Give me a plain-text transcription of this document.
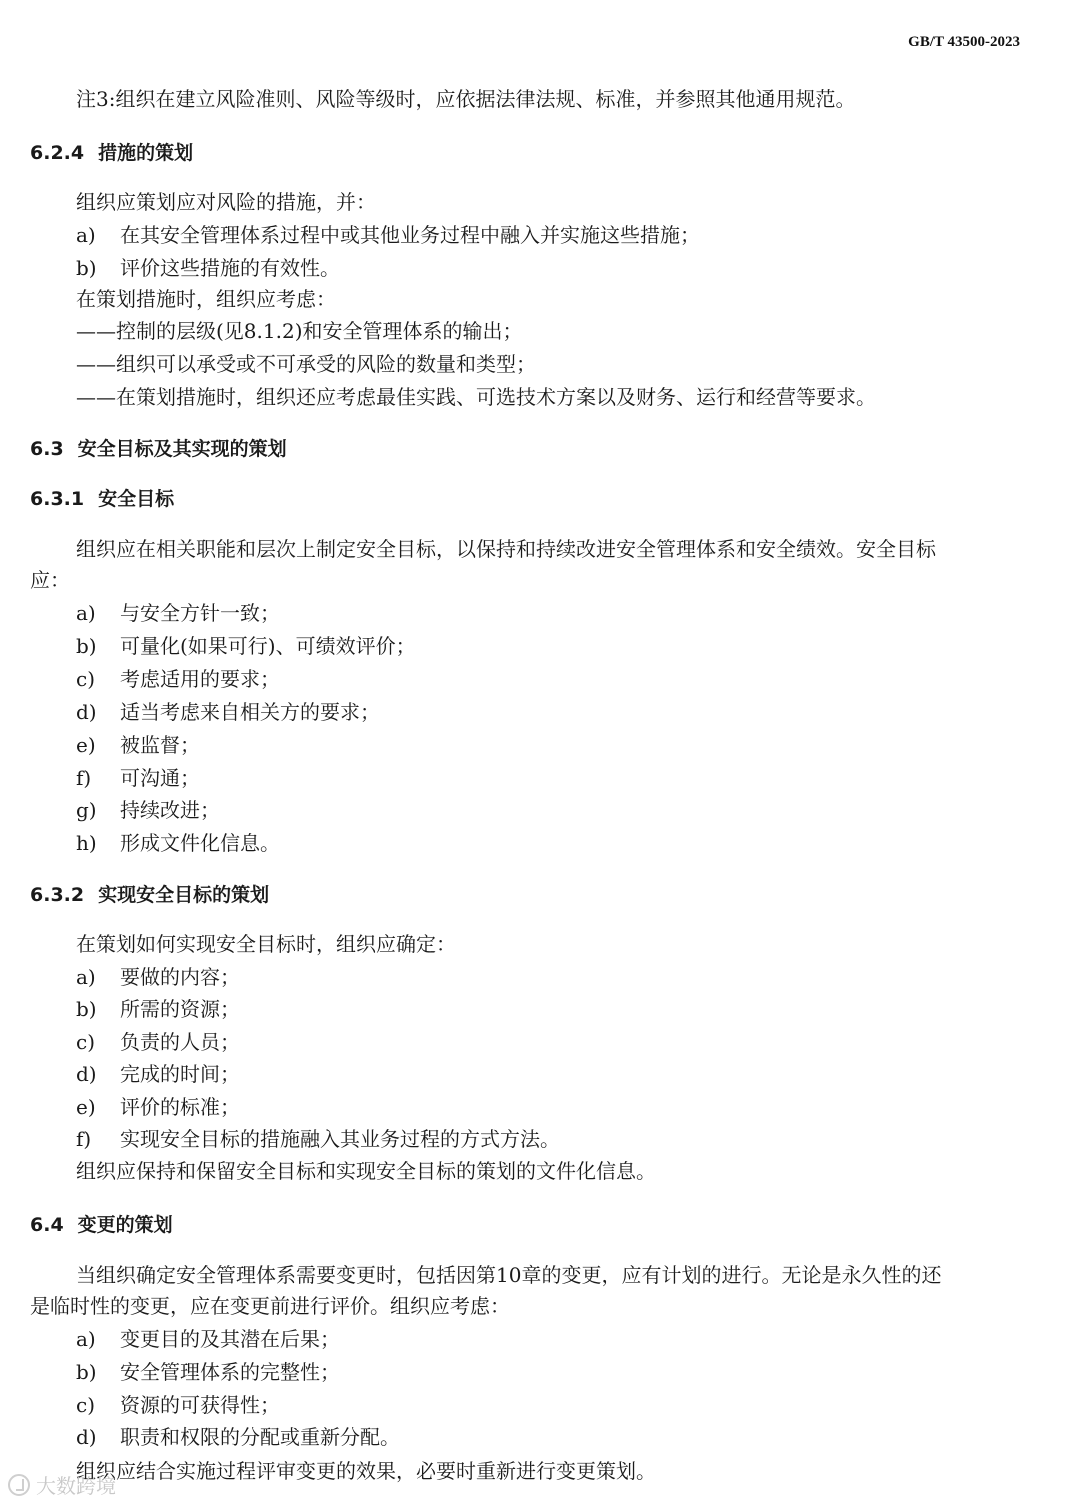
GB/T 43500-2023
注3:组织在建立风险准则、风险等级时，应依据法律法规、标准，并参照其他通用规范。
6.2.4 措施的策划
组织应策划应对风险的措施，并：
a) 在其安全管理体系过程中或其他业务过程中融入并实施这些措施；
b) 评价这些措施的有效性。
在策划措施时，组织应考虑：
——控制的层级(见8.1.2)和安全管理体系的输出；
——组织可以承受或不可承受的风险的数量和类型；
——在策划措施时，组织还应考虑最佳实践、可选技术方案以及财务、运行和经营等要求。
6.3 安全目标及其实现的策划
6.3.1 安全目标
组织应在相关职能和层次上制定安全目标，以保持和持续改进安全管理体系和安全绩效。安全目标
应：
a) 与安全方针一致；
b) 可量化(如果可行)、可绩效评价；
c) 考虑适用的要求；
d) 适当考虑来自相关方的要求；
e) 被监督；
f) 可沟通；
g) 持续改进；
h) 形成文件化信息。
6.3.2 实现安全目标的策划
在策划如何实现安全目标时，组织应确定：
a) 要做的内容；
b) 所需的资源；
c) 负责的人员；
d) 完成的时间；
e) 评价的标准；
f) 实现安全目标的措施融入其业务过程的方式方法。
组织应保持和保留安全目标和实现安全目标的策划的文件化信息。
6.4 变更的策划
当组织确定安全管理体系需要变更时，包括因第10章的变更，应有计划的进行。无论是永久性的还
是临时性的变更，应在变更前进行评价。组织应考虑：
a) 变更目的及其潜在后果；
b) 安全管理体系的完整性；
c) 资源的可获得性；
d) 职责和权限的分配或重新分配。
组织应结合实施过程评审变更的效果，必要时重新进行变更策划。
大数跨境
